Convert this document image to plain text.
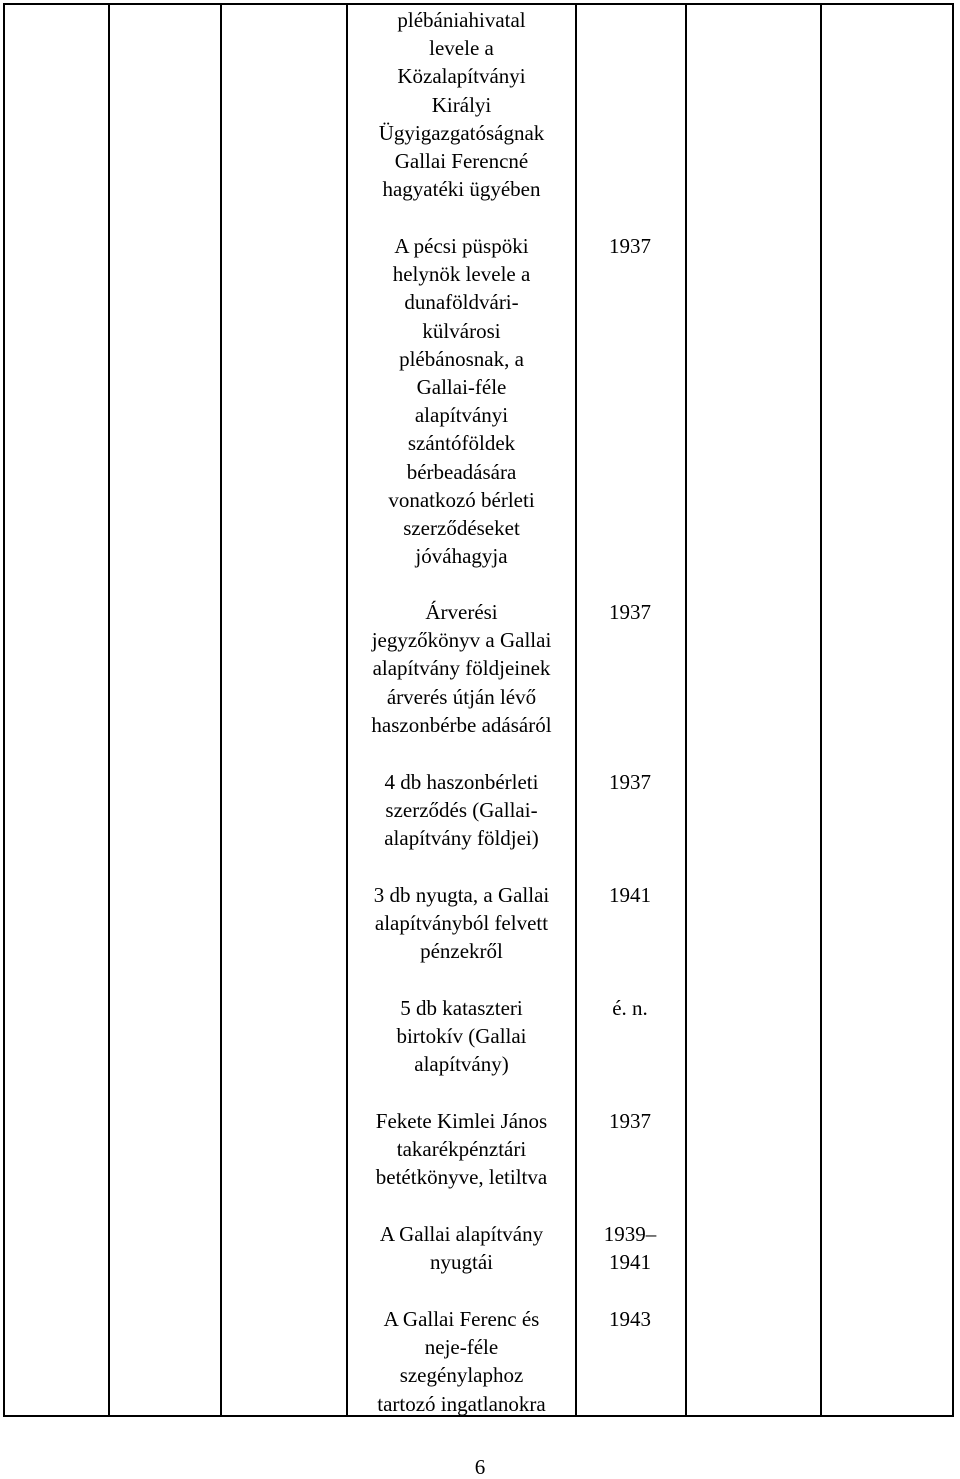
plébániahivatal
levele a
Közalapítványi
Királyi
Ügyigazgatóságnak
Gallai Ferencné
hagyatéki ügyében
A pécsi püspöki
helynök levele a
dunaföldvári-
külvárosi
plébánosnak, a
Gallai-féle
alapítványi
szántóföldek
bérbeadására
vonatkozó bérleti
szerződéseket
jóváhagyja
Árverési
jegyzőkönyv a Gallai
alapítvány földjeinek
árverés útján lévő
haszonbérbe adásáról
4 db haszonbérleti
szerződés (Gallai-
alapítvány földjei)
3 db nyugta, a Gallai
alapítványból felvett
pénzekről
5 db kataszteri
birtokív (Gallai
alapítvány)
Fekete Kimlei János
takarékpénztári
betétkönyve, letiltva
A Gallai alapítvány
nyugtái
A Gallai Ferenc és
neje-féle
szegénylaphoz
tartozó ingatlanokra
1937
1937
1937
1941
é. n.
1937
1939–
1941
1943
6
